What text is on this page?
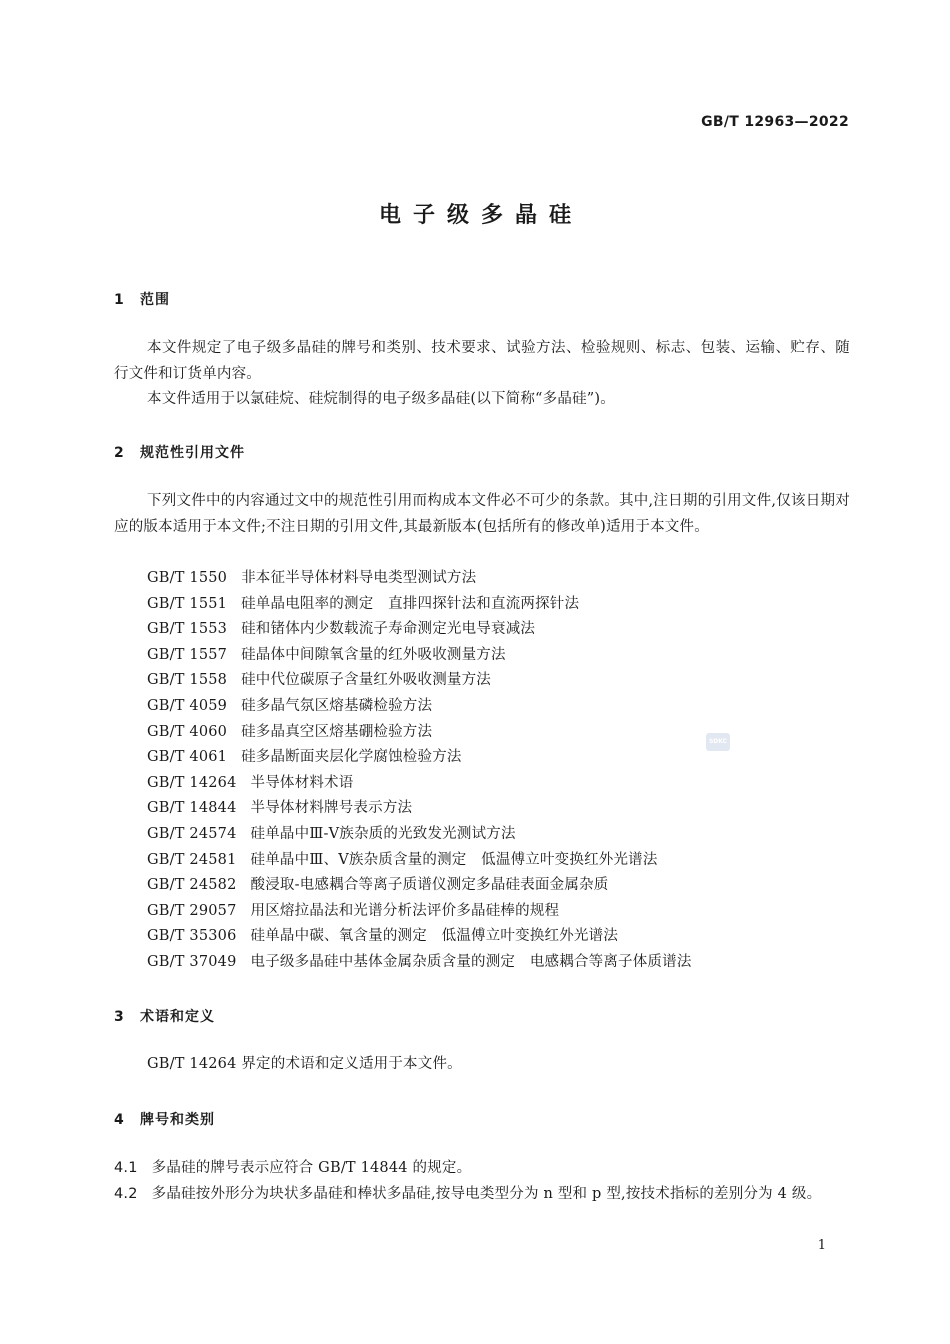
GB/T 12963—2022
电子级多晶硅
1 范围
本文件规定了电子级多晶硅的牌号和类别、技术要求、试验方法、检验规则、标志、包装、运输、贮存、随行文件和订货单内容。
本文件适用于以氯硅烷、硅烷制得的电子级多晶硅(以下简称“多晶硅”)。
2 规范性引用文件
下列文件中的内容通过文中的规范性引用而构成本文件必不可少的条款。其中,注日期的引用文件,仅该日期对应的版本适用于本文件;不注日期的引用文件,其最新版本(包括所有的修改单)适用于本文件。
GB/T 1550 非本征半导体材料导电类型测试方法
GB/T 1551 硅单晶电阻率的测定　直排四探针法和直流两探针法
GB/T 1553 硅和锗体内少数载流子寿命测定光电导衰减法
GB/T 1557 硅晶体中间隙氧含量的红外吸收测量方法
GB/T 1558 硅中代位碳原子含量红外吸收测量方法
GB/T 4059 硅多晶气氛区熔基磷检验方法
GB/T 4060 硅多晶真空区熔基硼检验方法
GB/T 4061 硅多晶断面夹层化学腐蚀检验方法
GB/T 14264 半导体材料术语
GB/T 14844 半导体材料牌号表示方法
GB/T 24574 硅单晶中Ⅲ-Ⅴ族杂质的光致发光测试方法
GB/T 24581 硅单晶中Ⅲ、Ⅴ族杂质含量的测定　低温傅立叶变换红外光谱法
GB/T 24582 酸浸取-电感耦合等离子质谱仪测定多晶硅表面金属杂质
GB/T 29057 用区熔拉晶法和光谱分析法评价多晶硅棒的规程
GB/T 35306 硅单晶中碳、氧含量的测定　低温傅立叶变换红外光谱法
GB/T 37049 电子级多晶硅中基体金属杂质含量的测定　电感耦合等离子体质谱法
SDKC
3 术语和定义
GB/T 14264 界定的术语和定义适用于本文件。
4 牌号和类别
4.1 多晶硅的牌号表示应符合 GB/T 14844 的规定。
4.2 多晶硅按外形分为块状多晶硅和棒状多晶硅,按导电类型分为 n 型和 p 型,按技术指标的差别分为 4 级。
1
